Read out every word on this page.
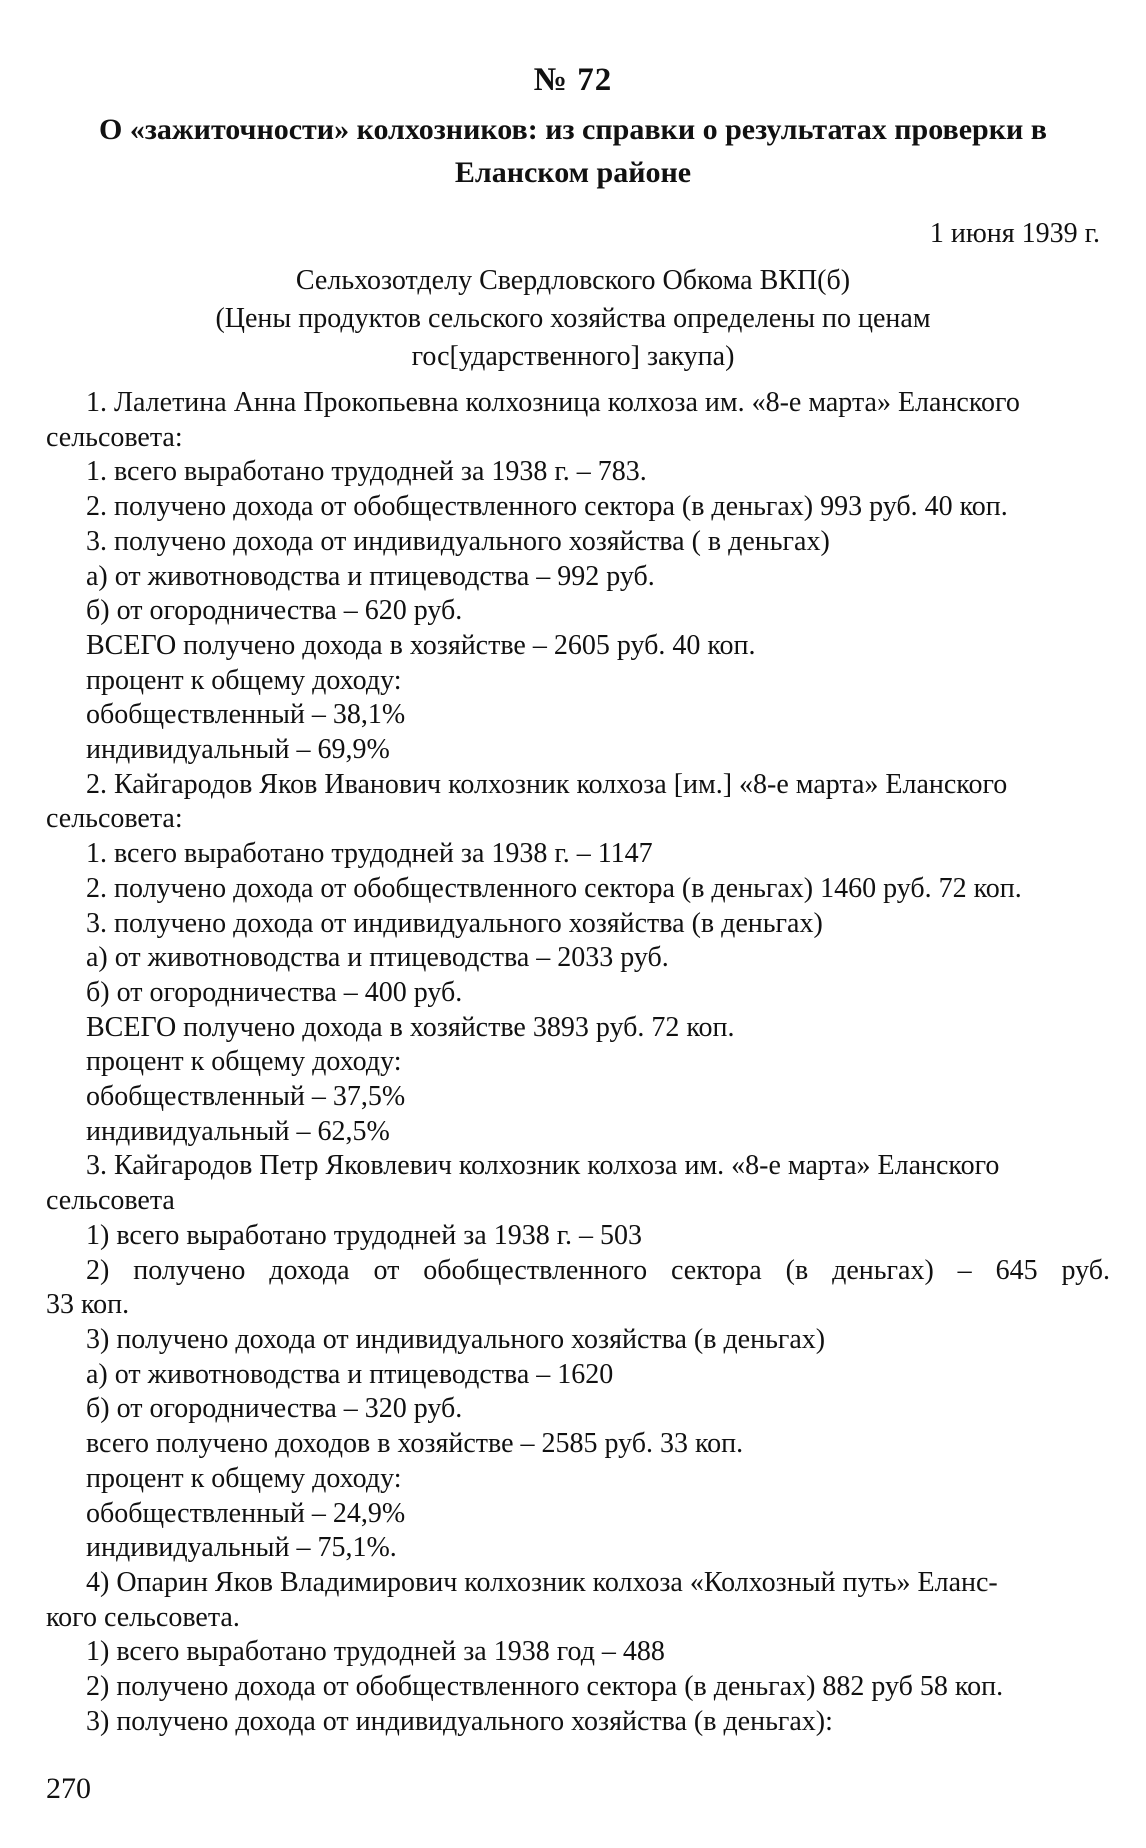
№ 72
О «зажиточности» колхозников: из справки о результатах проверки в Еланском районе
1 июня 1939 г.
Сельхозотделу Свердловского Обкома ВКП(б)
(Цены продуктов сельского хозяйства определены по ценам
гос[ударственного] закупа)

1. Лалетина Анна Прокопьевна колхозница колхоза им. «8-е марта» Еланского

сельсовета:

1. всего выработано трудодней за 1938 г. – 783.

2. получено дохода от обобществленного сектора (в деньгах) 993 руб. 40 коп.

3. получено дохода от индивидуального хозяйства ( в деньгах)

а) от животноводства и птицеводства – 992 руб.

б) от огородничества – 620 руб.

ВСЕГО получено дохода в хозяйстве – 2605 руб. 40 коп.

процент к общему доходу:

обобществленный – 38,1%

индивидуальный – 69,9%

2. Кайгародов Яков Иванович колхозник колхоза [им.] «8-е марта» Еланского

сельсовета:

1. всего выработано трудодней за 1938 г. – 1147

2. получено дохода от обобществленного сектора (в деньгах) 1460 руб. 72 коп.

3. получено дохода от индивидуального хозяйства (в деньгах)

а) от животноводства и птицеводства – 2033 руб.

б) от огородничества – 400 руб.

ВСЕГО получено дохода в хозяйстве 3893 руб. 72 коп.

процент к общему доходу:

обобществленный – 37,5%

индивидуальный – 62,5%

3. Кайгародов Петр Яковлевич колхозник колхоза им. «8-е марта» Еланского

сельсовета

1) всего выработано трудодней за 1938 г. – 503

2) получено дохода от обобществленного сектора (в деньгах) – 645 руб.

33 коп.

3) получено дохода от индивидуального хозяйства (в деньгах)

а) от животноводства и птицеводства – 1620

б) от огородничества – 320 руб.

всего получено доходов в хозяйстве – 2585 руб. 33 коп.

процент к общему доходу:

обобществленный – 24,9%

индивидуальный – 75,1%.

4) Опарин Яков Владимирович колхозник колхоза «Колхозный путь» Еланс-

кого сельсовета.

1) всего выработано трудодней за 1938 год – 488

2) получено дохода от обобществленного сектора (в деньгах) 882 руб 58 коп.

3) получено дохода от индивидуального хозяйства (в деньгах):

270
